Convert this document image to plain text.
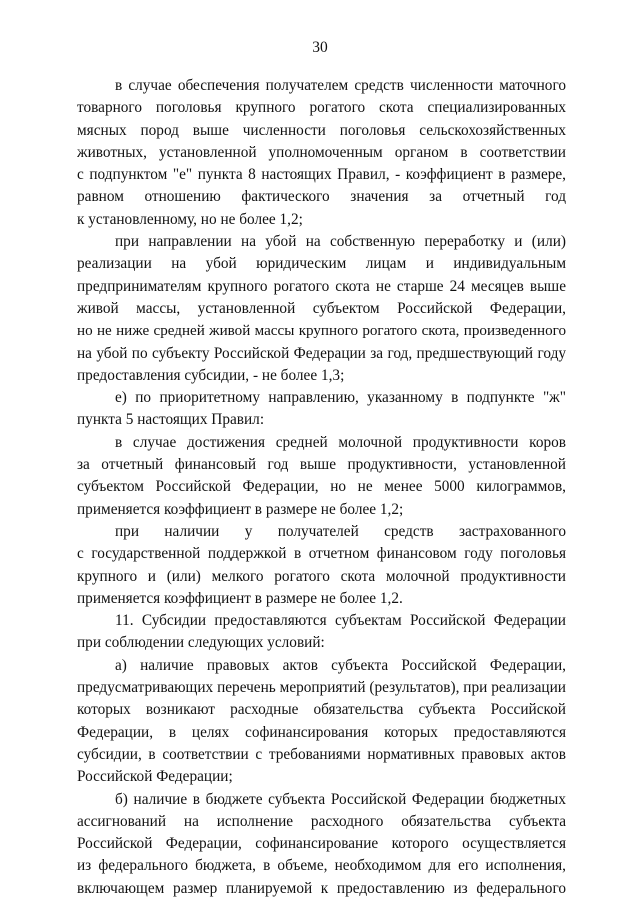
30
в случае обеспечения получателем средств численности маточного
товарного поголовья крупного рогатого скота специализированных
мясных пород выше численности поголовья сельскохозяйственных
животных, установленной уполномоченным органом в соответствии
с подпунктом "е" пункта 8 настоящих Правил, - коэффициент в размере,
равном отношению фактического значения за отчетный год
к установленному, но не более 1,2;
при направлении на убой на собственную переработку и (или)
реализации на убой юридическим лицам и индивидуальным
предпринимателям крупного рогатого скота не старше 24 месяцев выше
живой массы, установленной субъектом Российской Федерации,
но не ниже средней живой массы крупного рогатого скота, произведенного
на убой по субъекту Российской Федерации за год, предшествующий году
предоставления субсидии, - не более 1,3;
е) по приоритетному направлению, указанному в подпункте "ж"
пункта 5 настоящих Правил:
в случае достижения средней молочной продуктивности коров
за отчетный финансовый год выше продуктивности, установленной
субъектом Российской Федерации, но не менее 5000 килограммов,
применяется коэффициент в размере не более 1,2;
при наличии у получателей средств застрахованного
с государственной поддержкой в отчетном финансовом году поголовья
крупного и (или) мелкого рогатого скота молочной продуктивности
применяется коэффициент в размере не более 1,2.
11. Субсидии предоставляются субъектам Российской Федерации
при соблюдении следующих условий:
а) наличие правовых актов субъекта Российской Федерации,
предусматривающих перечень мероприятий (результатов), при реализации
которых возникают расходные обязательства субъекта Российской
Федерации, в целях софинансирования которых предоставляются
субсидии, в соответствии с требованиями нормативных правовых актов
Российской Федерации;
б) наличие в бюджете субъекта Российской Федерации бюджетных
ассигнований на исполнение расходного обязательства субъекта
Российской Федерации, софинансирование которого осуществляется
из федерального бюджета, в объеме, необходимом для его исполнения,
включающем размер планируемой к предоставлению из федерального
